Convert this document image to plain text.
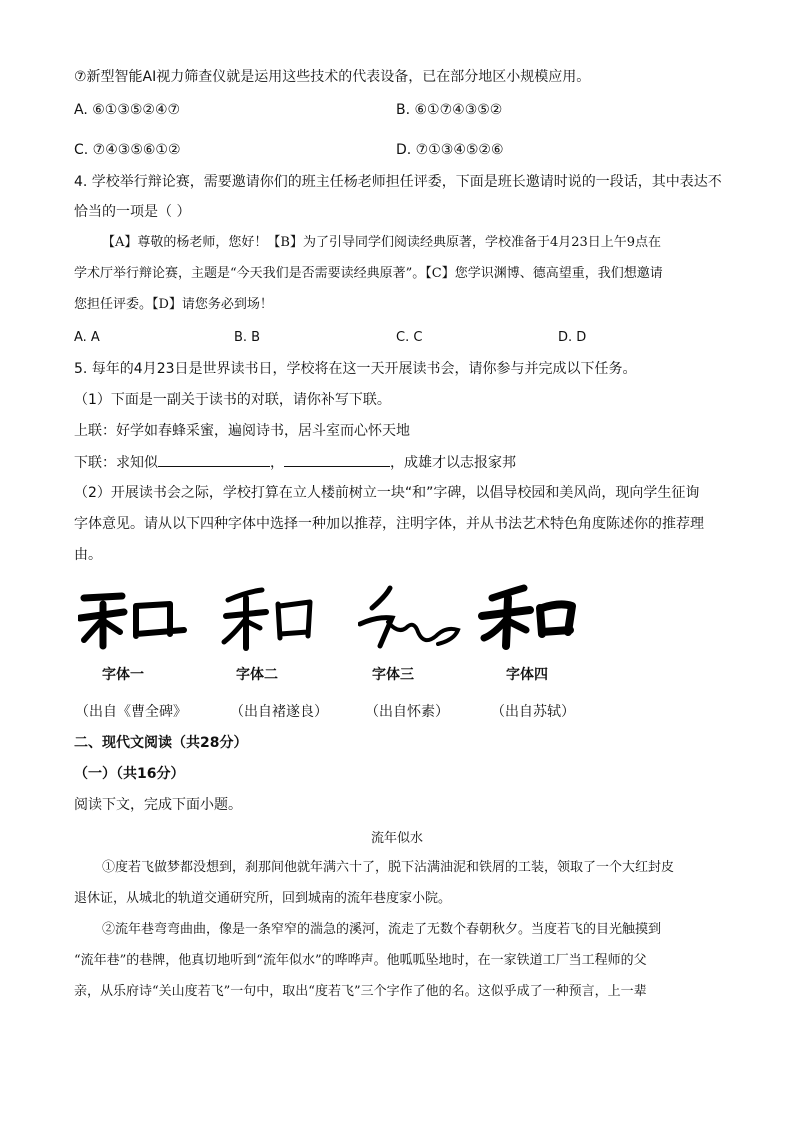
⑦新型智能AI视力筛查仪就是运用这些技术的代表设备，已在部分地区小规模应用。
A. ⑥①③⑤②④⑦	B. ⑥①⑦④③⑤②
C. ⑦④③⑤⑥①②	D. ⑦①③④⑤②⑥
4. 学校举行辩论赛，需要邀请你们的班主任杨老师担任评委，下面是班长邀请时说的一段话，其中表达不
恰当的一项是（ ）
【A】尊敬的杨老师，您好！【B】为了引导同学们阅读经典原著，学校准备于4月23日上午9点在
学术厅举行辩论赛，主题是“今天我们是否需要读经典原著”。【C】您学识渊博、德高望重，我们想邀请
您担任评委。【D】请您务必到场！
A. A	B. B	C. C	D. D
5. 每年的4月23日是世界读书日，学校将在这一天开展读书会，请你参与并完成以下任务。
（1）下面是一副关于读书的对联，请你补写下联。
上联：好学如春蜂采蜜，遍阅诗书，居斗室而心怀天地
下联：求知似	，	，成雄才以志报家邦
（2）开展读书会之际，学校打算在立人楼前树立一块“和”字碑，以倡导校园和美风尚，现向学生征询
字体意见。请从以下四种字体中选择一种加以推荐，注明字体，并从书法艺术特色角度陈述你的推荐理
由。
字体一	字体二	字体三	字体四
（出自《曹全碑》	（出自褚遂良）	（出自怀素）	（出自苏轼）
二、现代文阅读（共28分）
（一）（共16分）
阅读下文，完成下面小题。
流年似水
①度若飞做梦都没想到，刹那间他就年满六十了，脱下沾满油泥和铁屑的工装，领取了一个大红封皮
退休证，从城北的轨道交通研究所，回到城南的流年巷度家小院。
②流年巷弯弯曲曲，像是一条窄窄的湍急的溪河，流走了无数个春朝秋夕。当度若飞的目光触摸到
“流年巷”的巷牌，他真切地听到“流年似水”的哗哗声。他呱呱坠地时，在一家铁道工厂当工程师的父
亲，从乐府诗“关山度若飞”一句中，取出“度若飞”三个字作了他的名。这似乎成了一种预言，上一辈
